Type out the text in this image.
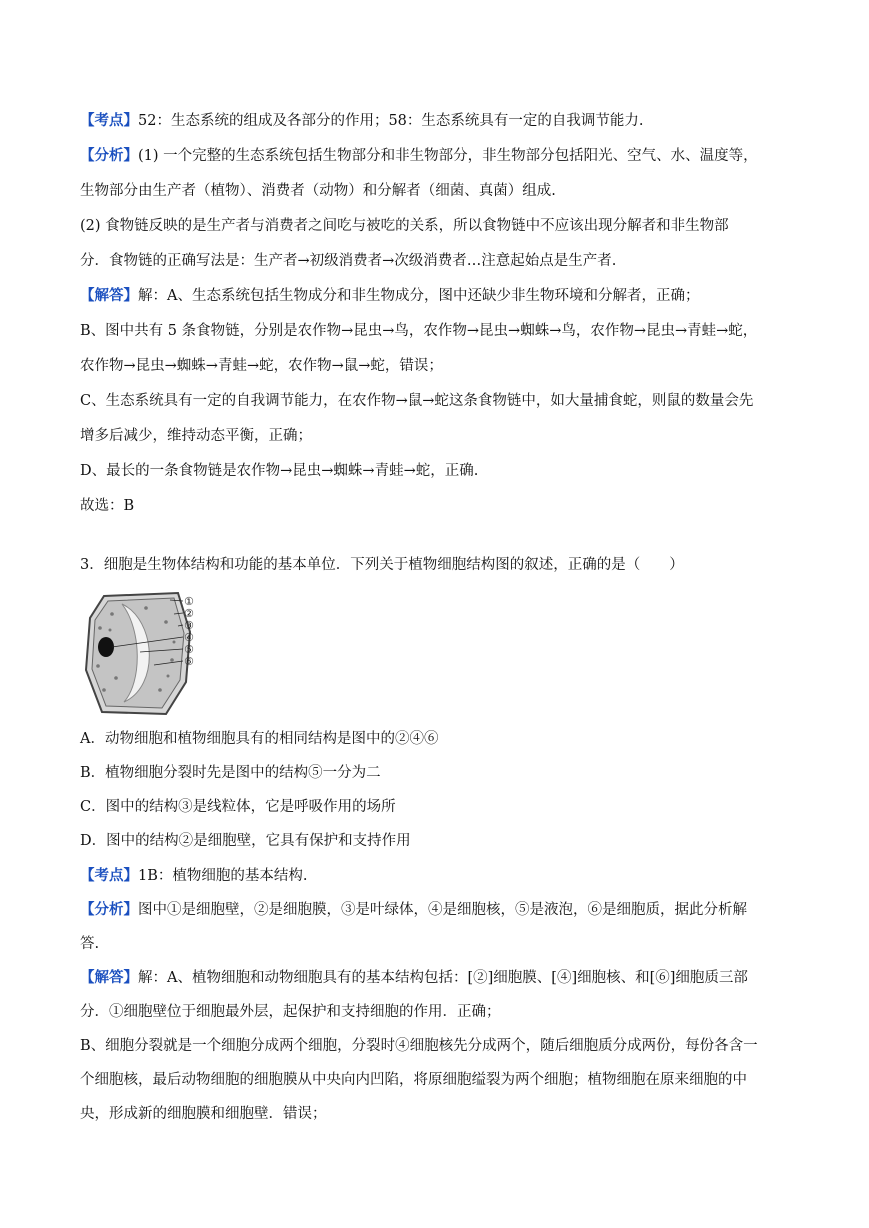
【考点】52：生态系统的组成及各部分的作用；58：生态系统具有一定的自我调节能力.
【分析】(1) 一个完整的生态系统包括生物部分和非生物部分，非生物部分包括阳光、空气、水、温度等，
生物部分由生产者（植物）、消费者（动物）和分解者（细菌、真菌）组成.
(2) 食物链反映的是生产者与消费者之间吃与被吃的关系，所以食物链中不应该出现分解者和非生物部
分．食物链的正确写法是：生产者→初级消费者→次级消费者…注意起始点是生产者.
【解答】解：A、生态系统包括生物成分和非生物成分，图中还缺少非生物环境和分解者，正确；
B、图中共有 5 条食物链，分别是农作物→昆虫→鸟，农作物→昆虫→蜘蛛→鸟，农作物→昆虫→青蛙→蛇，
农作物→昆虫→蜘蛛→青蛙→蛇，农作物→鼠→蛇，错误；
C、生态系统具有一定的自我调节能力，在农作物→鼠→蛇这条食物链中，如大量捕食蛇，则鼠的数量会先
增多后减少，维持动态平衡，正确；
D、最长的一条食物链是农作物→昆虫→蜘蛛→青蛙→蛇，正确.
故选：B
3．细胞是生物体结构和功能的基本单位．下列关于植物细胞结构图的叙述，正确的是（　　）
①
②
③
④
⑤
⑥
A．动物细胞和植物细胞具有的相同结构是图中的②④⑥
B．植物细胞分裂时先是图中的结构⑤一分为二
C．图中的结构③是线粒体，它是呼吸作用的场所
D．图中的结构②是细胞壁，它具有保护和支持作用
【考点】1B：植物细胞的基本结构.
【分析】图中①是细胞壁，②是细胞膜，③是叶绿体，④是细胞核，⑤是液泡，⑥是细胞质，据此分析解
答.
【解答】解：A、植物细胞和动物细胞具有的基本结构包括：[②]细胞膜、[④]细胞核、和[⑥]细胞质三部
分．①细胞壁位于细胞最外层，起保护和支持细胞的作用．正确；
B、细胞分裂就是一个细胞分成两个细胞，分裂时④细胞核先分成两个，随后细胞质分成两份，每份各含一
个细胞核，最后动物细胞的细胞膜从中央向内凹陷，将原细胞缢裂为两个细胞；植物细胞在原来细胞的中
央，形成新的细胞膜和细胞壁．错误；
